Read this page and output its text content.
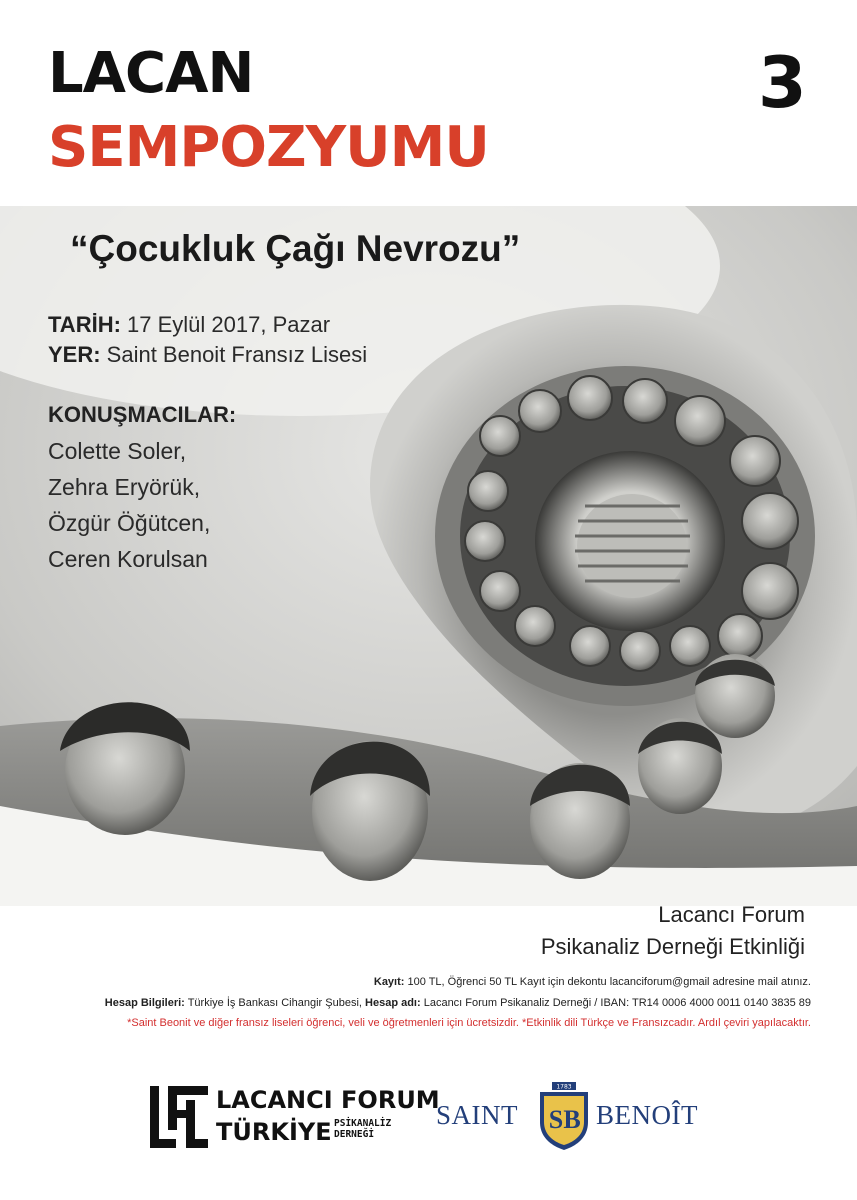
LACAN
SEMPOZYUMU
3
“Çocukluk Çağı Nevrozu”
TARİH: 17 Eylül 2017, Pazar
YER: Saint Benoit Fransız Lisesi
KONUŞMACILAR:
Colette Soler,
Zehra Eryörük,
Özgür Öğütcen,
Ceren Korulsan
Lacancı Forum
Psikanaliz Derneği Etkinliği
Kayıt: 100 TL, Öğrenci 50 TL Kayıt için dekontu lacanciforum@gmail adresine mail atınız.
Hesap Bilgileri: Türkiye İş Bankası Cihangir Şubesi, Hesap adı: Lacancı Forum Psikanaliz Derneği / IBAN: TR14 0006 4000 0011 0140 3835 89
*Saint Beonit ve diğer fransız liseleri öğrenci, veli ve öğretmenleri için ücretsizdir. *Etkinlik dili Türkçe ve Fransızcadır. Ardıl çeviri yapılacaktır.
LACANCI FORUM
TÜRKİYE PSİKANALİZ
DERNEĞİ
SAINT
1783
S B BENOÎT
